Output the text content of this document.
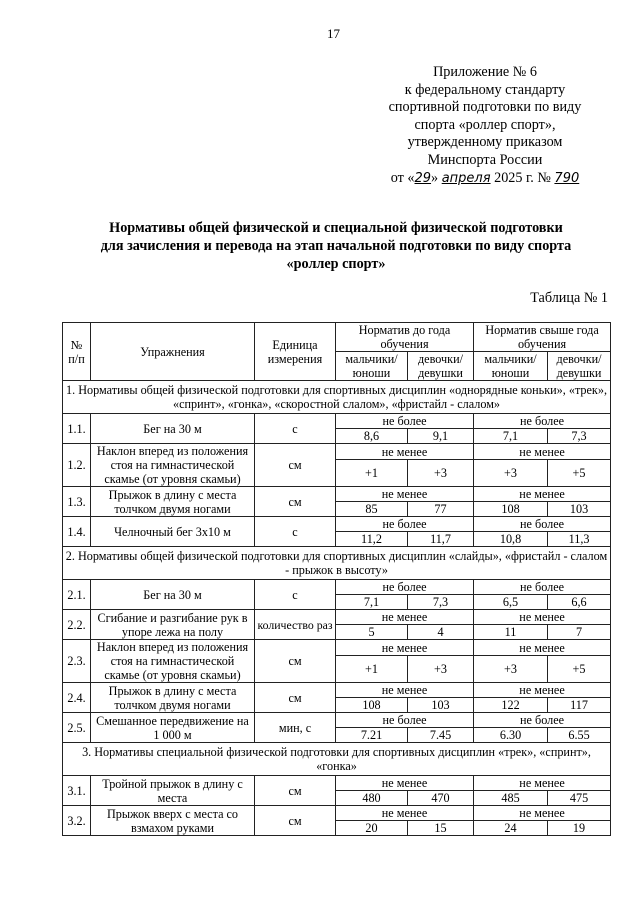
17
Приложение № 6
к федеральному стандарту
спортивной подготовки по виду
спорта «роллер спорт»,
утвержденному приказом
Минспорта России
от «29» апреля 2025 г. № 790
Нормативы общей физической и специальной физической подготовки
для зачисления и перевода на этап начальной подготовки по виду спорта
«роллер спорт»
Таблица № 1
№ п/п	Упражнения	Единица измерения	Норматив до года обучения		Норматив свыше года обучения	
			мальчики/ юноши	девочки/ девушки	мальчики/ юноши	девочки/ девушки
1. Нормативы общей физической подготовки для спортивных дисциплин «однорядные коньки», «трек», «спринт», «гонка», «скоростной слалом», «фристайл - слалом»						
1.1.	Бег на 30 м	с	не более		не более	
			8,6	9,1	7,1	7,3
1.2.	Наклон вперед из положения стоя на гимнастической скамье (от уровня скамьи)	см	не менее		не менее	
			+1	+3	+3	+5
1.3.	Прыжок в длину с места толчком двумя ногами	см	не менее		не менее	
			85	77	108	103
1.4.	Челночный бег 3х10 м	с	не более		не более	
			11,2	11,7	10,8	11,3
2. Нормативы общей физической подготовки для спортивных дисциплин «слайды», «фристайл - слалом - прыжок в высоту»						
2.1.	Бег на 30 м	с	не более		не более	
			7,1	7,3	6,5	6,6
2.2.	Сгибание и разгибание рук в упоре лежа на полу	количество раз	не менее		не менее	
			5	4	11	7
2.3.	Наклон вперед из положения стоя на гимнастической скамье (от уровня скамьи)	см	не менее		не менее	
			+1	+3	+3	+5
2.4.	Прыжок в длину с места толчком двумя ногами	см	не менее		не менее	
			108	103	122	117
2.5.	Смешанное передвижение на 1 000 м	мин, с	не более		не более	
			7.21	7.45	6.30	6.55
3. Нормативы специальной физической подготовки для спортивных дисциплин «трек», «спринт», «гонка»						
3.1.	Тройной прыжок в длину с места	см	не менее		не менее	
			480	470	485	475
3.2.	Прыжок вверх с места со взмахом руками	см	не менее		не менее	
			20	15	24	19
